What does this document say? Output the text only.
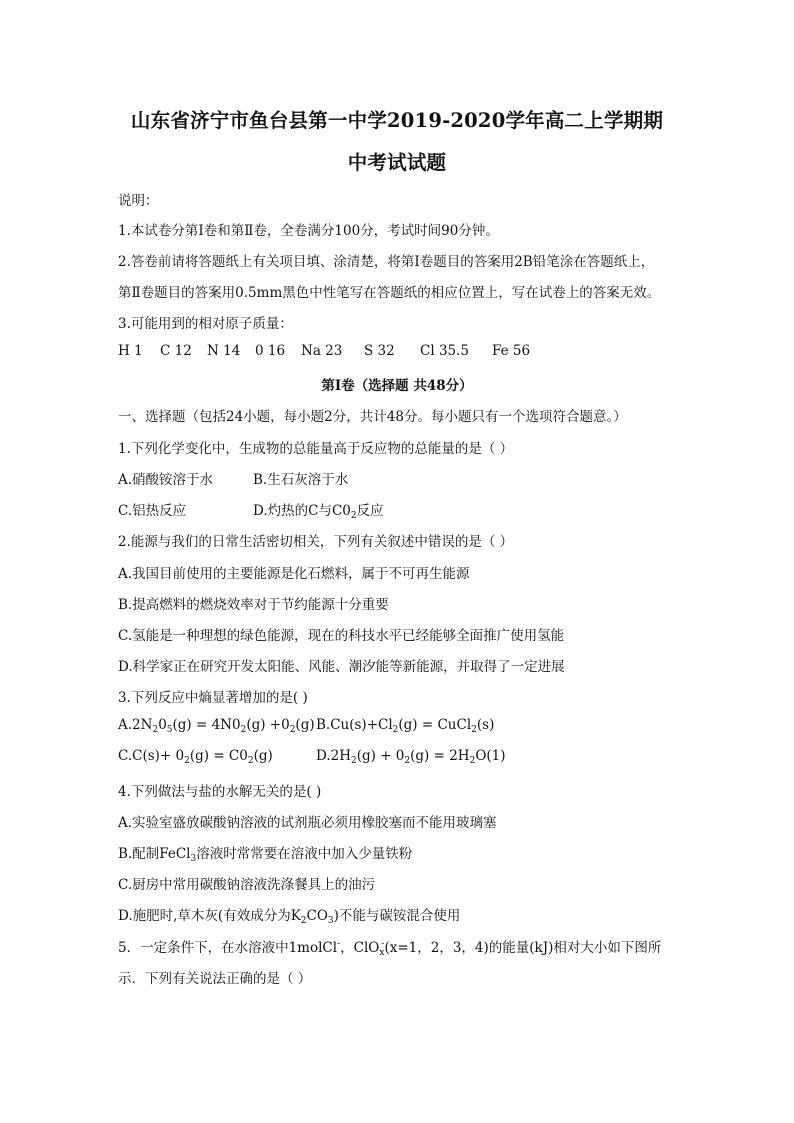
山东省济宁市鱼台县第一中学2019-2020学年高二上学期期
中考试试题
说明：
1.本试卷分第Ⅰ卷和第Ⅱ卷，全卷满分100分，考试时间90分钟。
2.答卷前请将答题纸上有关项目填、涂清楚，将第Ⅰ卷题目的答案用2B铅笔涂在答题纸上，
第Ⅱ卷题目的答案用0.5mm黑色中性笔写在答题纸的相应位置上，写在试卷上的答案无效。
3.可能用到的相对原子质量：
H 1 C 12 N 14 0 16 Na 23 S 32 Cl 35.5 Fe 56
第Ⅰ卷（选择题 共48分）
一、选择题（包括24小题，每小题2分，共计48分。每小题只有一个选项符合题意。）
1.下列化学变化中，生成物的总能量高于反应物的总能量的是（ ）
A.硝酸铵溶于水	B.生石灰溶于水
C.铝热反应	D.灼热的C与$C0_2$反应
2.能源与我们的日常生活密切相关，下列有关叙述中错误的是（ ）
A.我国目前使用的主要能源是化石燃料，属于不可再生能源
B.提高燃料的燃烧效率对于节约能源十分重要
C.氢能是一种理想的绿色能源，现在的科技水平已经能够全面推广使用氢能
D.科学家正在研究开发太阳能、风能、潮汐能等新能源，并取得了一定进展
3.下列反应中熵显著增加的是( )
$A.2N_20_5(g) = 4N0_2(g) +0_2(g)B.Cu(s)+Cl_2(g)$ = CuCl$_2$(s)
$C.C(s)+ 0_2(g) = C0_2(g)$	$D.2H_2(g) + 0_2(g) = 2H_2O(1)$
4.下列做法与盐的水解无关的是( )
A.实验室盛放碳酸钠溶液的试剂瓶必须用橡胶塞而不能用玻璃塞
B.配制FeCl$_3$溶液时常常要在溶液中加入少量铁粉
C.厨房中常用碳酸钠溶液洗涤餐具上的油污
D.施肥时,草木灰(有效成分为$K_2CO_3$)不能与碳铵混合使用
5．一定条件下，在水溶液中1molCl-，ClO$_x$-(x=1，2，3，4)的能量(kJ)相对大小如下图所
示．下列有关说法正确的是（ ）
